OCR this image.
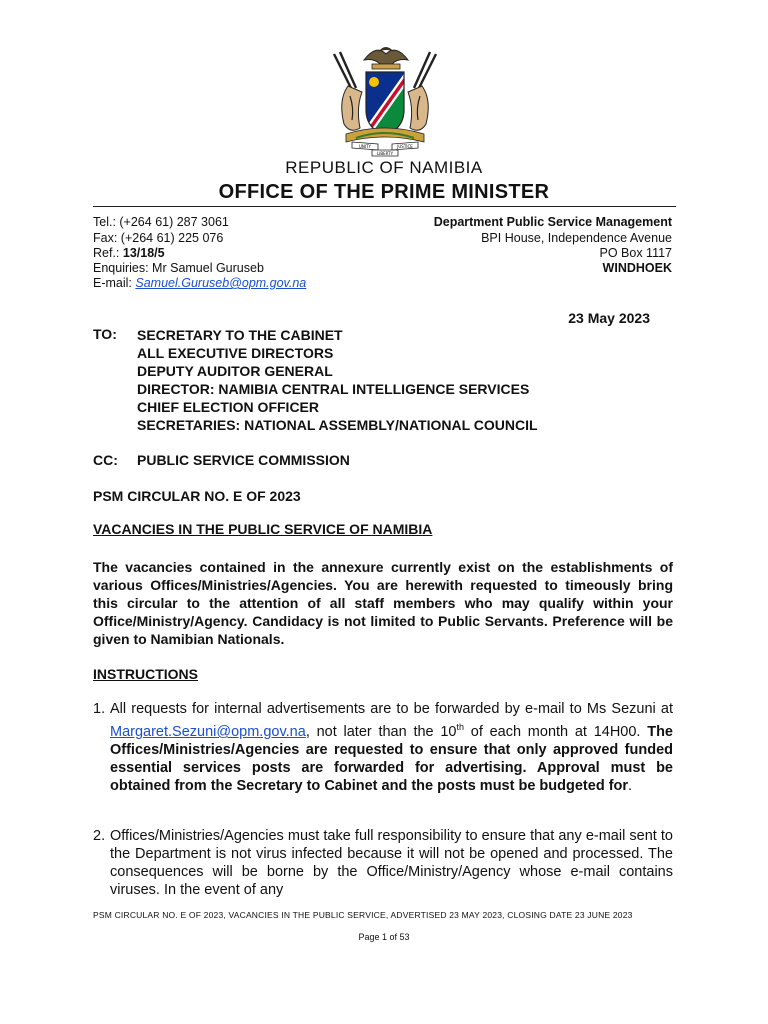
UNITY	JUSTICE
LIBERTY
REPUBLIC OF NAMIBIA
OFFICE OF THE PRIME MINISTER
Tel.: (+264 61) 287 3061
Fax: (+264 61) 225 076
Ref.: 13/18/5
Enquiries: Mr Samuel Guruseb
E-mail: Samuel.Guruseb@opm.gov.na
Department Public Service Management
BPI House, Independence Avenue
PO Box 1117
WINDHOEK
23 May 2023
TO: SECRETARY TO THE CABINET
ALL EXECUTIVE DIRECTORS
DEPUTY AUDITOR GENERAL
DIRECTOR: NAMIBIA CENTRAL INTELLIGENCE SERVICES
CHIEF ELECTION OFFICER
SECRETARIES: NATIONAL ASSEMBLY/NATIONAL COUNCIL
CC: PUBLIC SERVICE COMMISSION
PSM CIRCULAR NO. E OF 2023
VACANCIES IN THE PUBLIC SERVICE OF NAMIBIA
The vacancies contained in the annexure currently exist on the establishments of various Offices/Ministries/Agencies. You are herewith requested to timeously bring this circular to the attention of all staff members who may qualify within your Office/Ministry/Agency. Candidacy is not limited to Public Servants. Preference will be given to Namibian Nationals.
INSTRUCTIONS
1. All requests for internal advertisements are to be forwarded by e-mail to Ms Sezuni at Margaret.Sezuni@opm.gov.na, not later than the 10th of each month at 14H00. The Offices/Ministries/Agencies are requested to ensure that only approved funded essential services posts are forwarded for advertising. Approval must be obtained from the Secretary to Cabinet and the posts must be budgeted for.
2. Offices/Ministries/Agencies must take full responsibility to ensure that any e-mail sent to the Department is not virus infected because it will not be opened and processed. The consequences will be borne by the Office/Ministry/Agency whose e-mail contains viruses. In the event of any
PSM CIRCULAR NO. E OF 2023, VACANCIES IN THE PUBLIC SERVICE, ADVERTISED 23 MAY 2023, CLOSING DATE 23 JUNE 2023
Page 1 of 53
